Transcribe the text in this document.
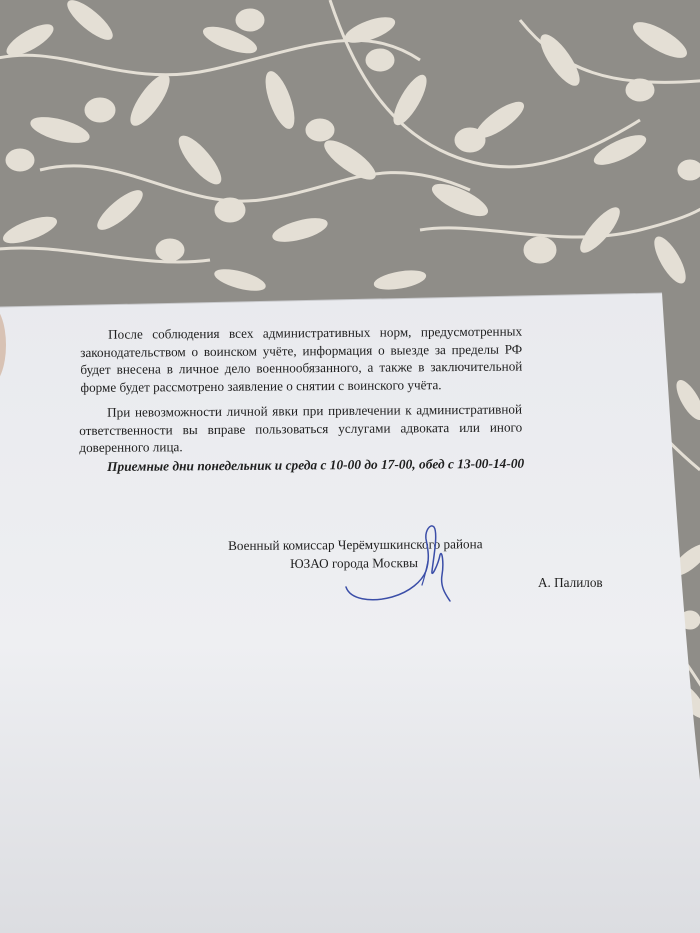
После соблюдения всех административных норм, предусмотренных законодательством о воинском учёте, информация о выезде за пределы РФ будет внесена в личное дело военнообязанного, а также в заключительной форме будет рассмотрено заявление о снятии с воинского учёта.
При невозможности личной явки при привлечении к административной ответственности вы вправе пользоваться услугами адвоката или иного доверенного лица.
Приемные дни понедельник и среда с 10-00 до 17-00, обед с 13-00-14-00
Военный комиссар Черёмушкинского района
ЮЗАО города Москвы
А. Палилов
